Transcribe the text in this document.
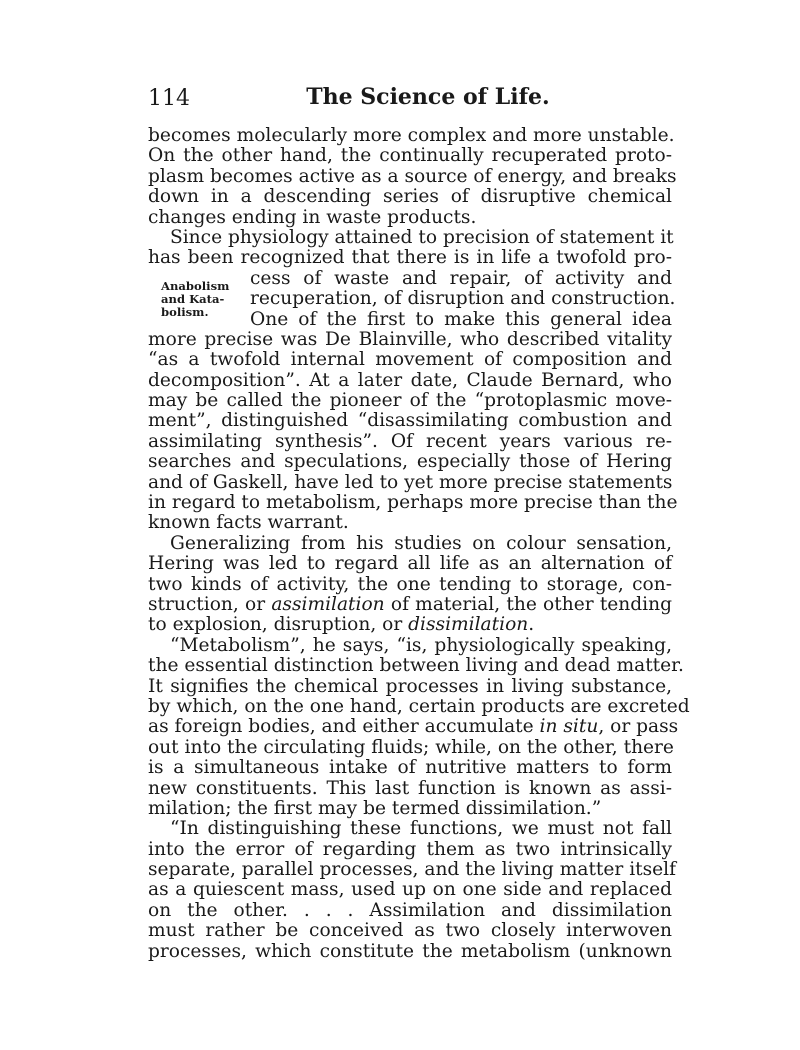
114	The Science of Life.
Anabolism
and Kata-
bolism.
becomes molecularly more complex and more unstable.
On the other hand, the continually recuperated proto-
plasm becomes active as a source of energy, and breaks
down in a descending series of disruptive chemical
changes ending in waste products.
Since physiology attained to precision of statement it
has been recognized that there is in life a twofold pro-
cess of waste and repair, of activity and
recuperation, of disruption and construction.
One of the first to make this general idea
more precise was De Blainville, who described vitality
“as a twofold internal movement of composition and
decomposition”. At a later date, Claude Bernard, who
may be called the pioneer of the “protoplasmic move-
ment”, distinguished “disassimilating combustion and
assimilating synthesis”. Of recent years various re-
searches and speculations, especially those of Hering
and of Gaskell, have led to yet more precise statements
in regard to metabolism, perhaps more precise than the
known facts warrant.
Generalizing from his studies on colour sensation,
Hering was led to regard all life as an alternation of
two kinds of activity, the one tending to storage, con-
struction, or assimilation of material, the other tending
to explosion, disruption, or dissimilation.
“Metabolism”, he says, “is, physiologically speaking,
the essential distinction between living and dead matter.
It signifies the chemical processes in living substance,
by which, on the one hand, certain products are excreted
as foreign bodies, and either accumulate in situ, or pass
out into the circulating fluids; while, on the other, there
is a simultaneous intake of nutritive matters to form
new constituents. This last function is known as assi-
milation; the first may be termed dissimilation.”
“In distinguishing these functions, we must not fall
into the error of regarding them as two intrinsically
separate, parallel processes, and the living matter itself
as a quiescent mass, used up on one side and replaced
on the other. . . . Assimilation and dissimilation
must rather be conceived as two closely interwoven
processes, which constitute the metabolism (unknown
